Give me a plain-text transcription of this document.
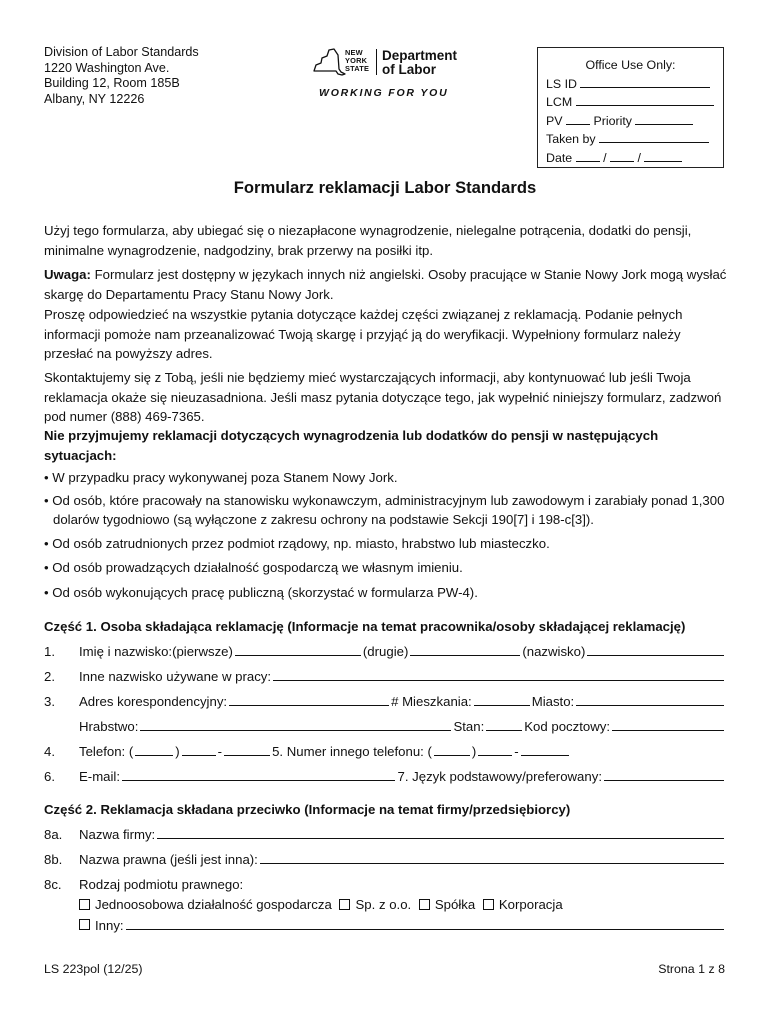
Division of Labor Standards
1220 Washington Ave.
Building 12, Room 185B
Albany, NY 12226
NEW
YORK
STATE
Department
of Labor
WORKING FOR YOU
Office Use Only:
LS ID
LCM
PV Priority
Taken by
Date / /
Formularz reklamacji Labor Standards
Użyj tego formularza, aby ubiegać się o niezapłacone wynagrodzenie, nielegalne potrącenia, dodatki do pensji, minimalne wynagrodzenie, nadgodziny, brak przerwy na posiłki itp.
Uwaga: Formularz jest dostępny w językach innych niż angielski. Osoby pracujące w Stanie Nowy Jork mogą wysłać skargę do Departamentu Pracy Stanu Nowy Jork.
Proszę odpowiedzieć na wszystkie pytania dotyczące każdej części związanej z reklamacją. Podanie pełnych informacji pomoże nam przeanalizować Twoją skargę i przyjąć ją do weryfikacji. Wypełniony formularz należy przesłać na powyższy adres.
Skontaktujemy się z Tobą, jeśli nie będziemy mieć wystarczających informacji, aby kontynuować lub jeśli Twoja reklamacja okaże się nieuzasadniona. Jeśli masz pytania dotyczące tego, jak wypełnić niniejszy formularz, zadzwoń pod numer (888) 469-7365.
Nie przyjmujemy reklamacji dotyczących wynagrodzenia lub dodatków do pensji w następujących sytuacjach:
• W przypadku pracy wykonywanej poza Stanem Nowy Jork.
• Od osób, które pracowały na stanowisku wykonawczym, administracyjnym lub zawodowym i zarabiały ponad 1,300 dolarów tygodniowo (są wyłączone z zakresu ochrony na podstawie Sekcji 190[7] i 198-c[3]).
• Od osób zatrudnionych przez podmiot rządowy, np. miasto, hrabstwo lub miasteczko.
• Od osób prowadzących działalność gospodarczą we własnym imieniu.
• Od osób wykonujących pracę publiczną (skorzystać w formularza PW-4).
Część 1. Osoba składająca reklamację (Informacje na temat pracownika/osoby składającej reklamację)
1.	Imię i nazwisko:(pierwsze)	(drugie)	(nazwisko)
2.	Inne nazwisko używane w pracy:
3.	Adres korespondencyjny:	# Mieszkania:	Miasto:
Hrabstwo:	Stan:	Kod pocztowy:
4.	Telefon: (	)	-	5. Numer innego telefonu: (	)	-
6.	E-mail:	7. Język podstawowy/preferowany:
Część 2. Reklamacja składana przeciwko (Informacje na temat firmy/przedsiębiorcy)
8a.	Nazwa firmy:
8b.	Nazwa prawna (jeśli jest inna):
8c.	Rodzaj podmiotu prawnego:
Jednoosobowa działalność gospodarcza Sp. z o.o. Spółka Korporacja
Inny:
LS 223pol (12/25)	Strona 1 z 8
